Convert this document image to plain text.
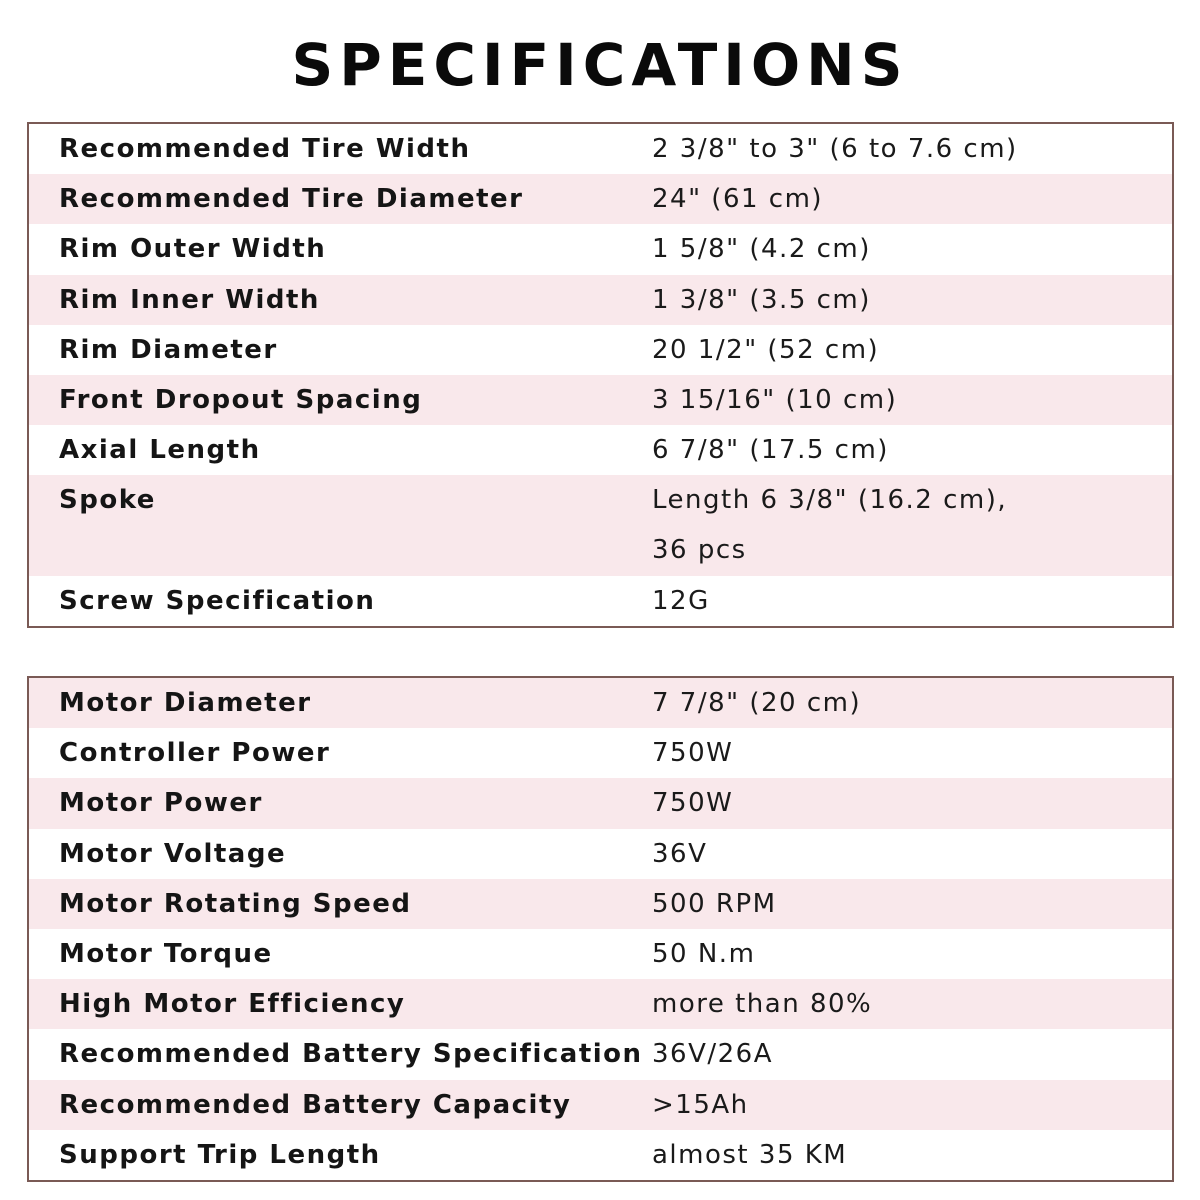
SPECIFICATIONS
Recommended Tire Width	2 3/8" to 3" (6 to 7.6 cm)
Recommended Tire Diameter	24" (61 cm)
Rim Outer Width	1 5/8" (4.2 cm)
Rim Inner Width	1 3/8" (3.5 cm)
Rim Diameter	20 1/2" (52 cm)
Front Dropout Spacing	3 15/16" (10 cm)
Axial Length	6 7/8" (17.5 cm)
Spoke	Length 6 3/8" (16.2 cm),
36 pcs
Screw Specification	12G
Motor Diameter	7 7/8" (20 cm)
Controller Power	750W
Motor Power	750W
Motor Voltage	36V
Motor Rotating Speed	500 RPM
Motor Torque	50 N.m
High Motor Efficiency	more than 80%
Recommended Battery Specification 36V/26A
Recommended Battery Capacity	>15Ah
Support Trip Length	almost 35 KM
